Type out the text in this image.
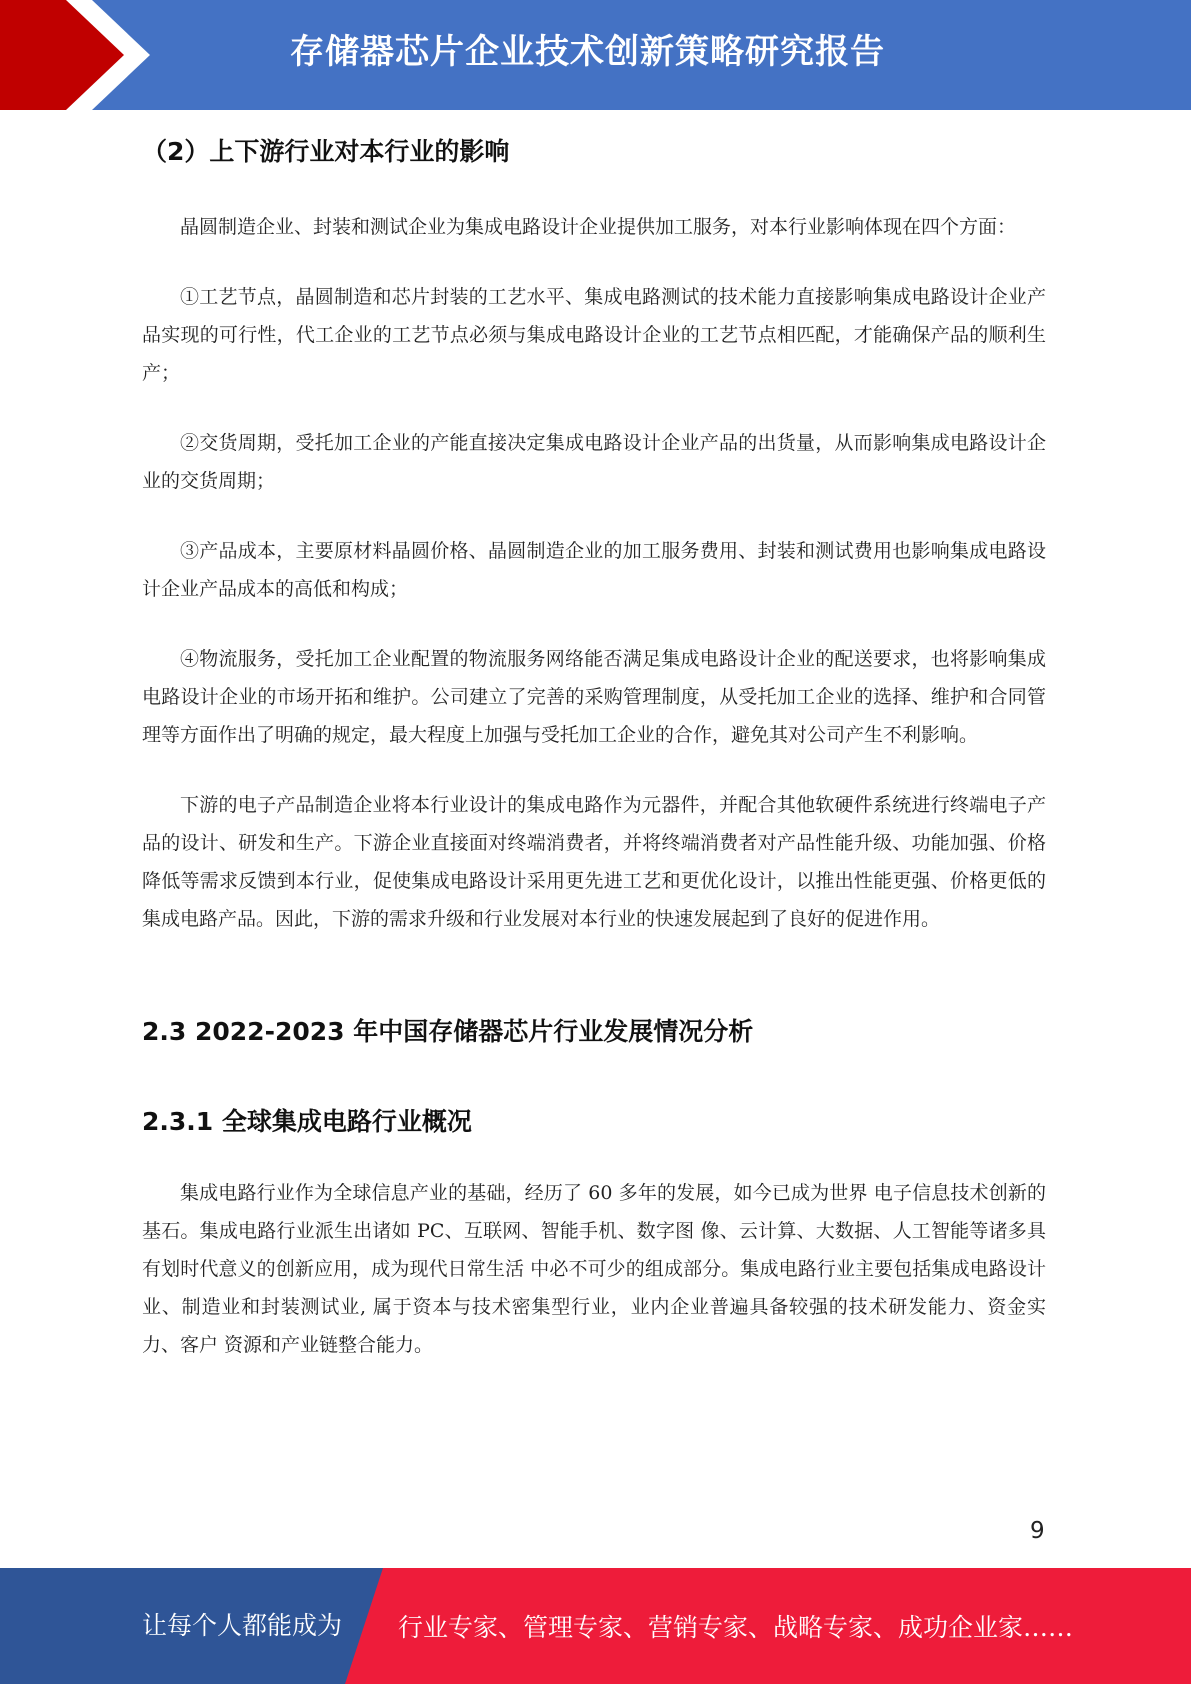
存储器芯片企业技术创新策略研究报告
（2）上下游行业对本行业的影响

晶圆制造企业、封装和测试企业为集成电路设计企业提供加工服务，对本行业影响体现在四个方面：

①工艺节点，晶圆制造和芯片封装的工艺水平、集成电路测试的技术能力直接影响集成电路设计企业产品实现的可行性，代工企业的工艺节点必须与集成电路设计企业的工艺节点相匹配，才能确保产品的顺利生产；

②交货周期，受托加工企业的产能直接决定集成电路设计企业产品的出货量，从而影响集成电路设计企业的交货周期；

③产品成本，主要原材料晶圆价格、晶圆制造企业的加工服务费用、封装和测试费用也影响集成电路设计企业产品成本的高低和构成；

④物流服务，受托加工企业配置的物流服务网络能否满足集成电路设计企业的配送要求，也将影响集成电路设计企业的市场开拓和维护。公司建立了完善的采购管理制度，从受托加工企业的选择、维护和合同管理等方面作出了明确的规定，最大程度上加强与受托加工企业的合作，避免其对公司产生不利影响。

下游的电子产品制造企业将本行业设计的集成电路作为元器件，并配合其他软硬件系统进行终端电子产品的设计、研发和生产。下游企业直接面对终端消费者，并将终端消费者对产品性能升级、功能加强、价格降低等需求反馈到本行业，促使集成电路设计采用更先进工艺和更优化设计，以推出性能更强、价格更低的集成电路产品。因此，下游的需求升级和行业发展对本行业的快速发展起到了良好的促进作用。

2.3 2022-2023 年中国存储器芯片行业发展情况分析
2.3.1 全球集成电路行业概况

集成电路行业作为全球信息产业的基础，经历了 60 多年的发展，如今已成为世界 电子信息技术创新的基石。集成电路行业派生出诸如 PC、互联网、智能手机、数字图 像、云计算、大数据、人工智能等诸多具有划时代意义的创新应用，成为现代日常生活 中必不可少的组成部分。集成电路行业主要包括集成电路设计业、制造业和封装测试业, 属于资本与技术密集型行业，业内企业普遍具备较强的技术研发能力、资金实力、客户 资源和产业链整合能力。

9
让每个人都能成为 行业专家、管理专家、营销专家、战略专家、成功企业家……
